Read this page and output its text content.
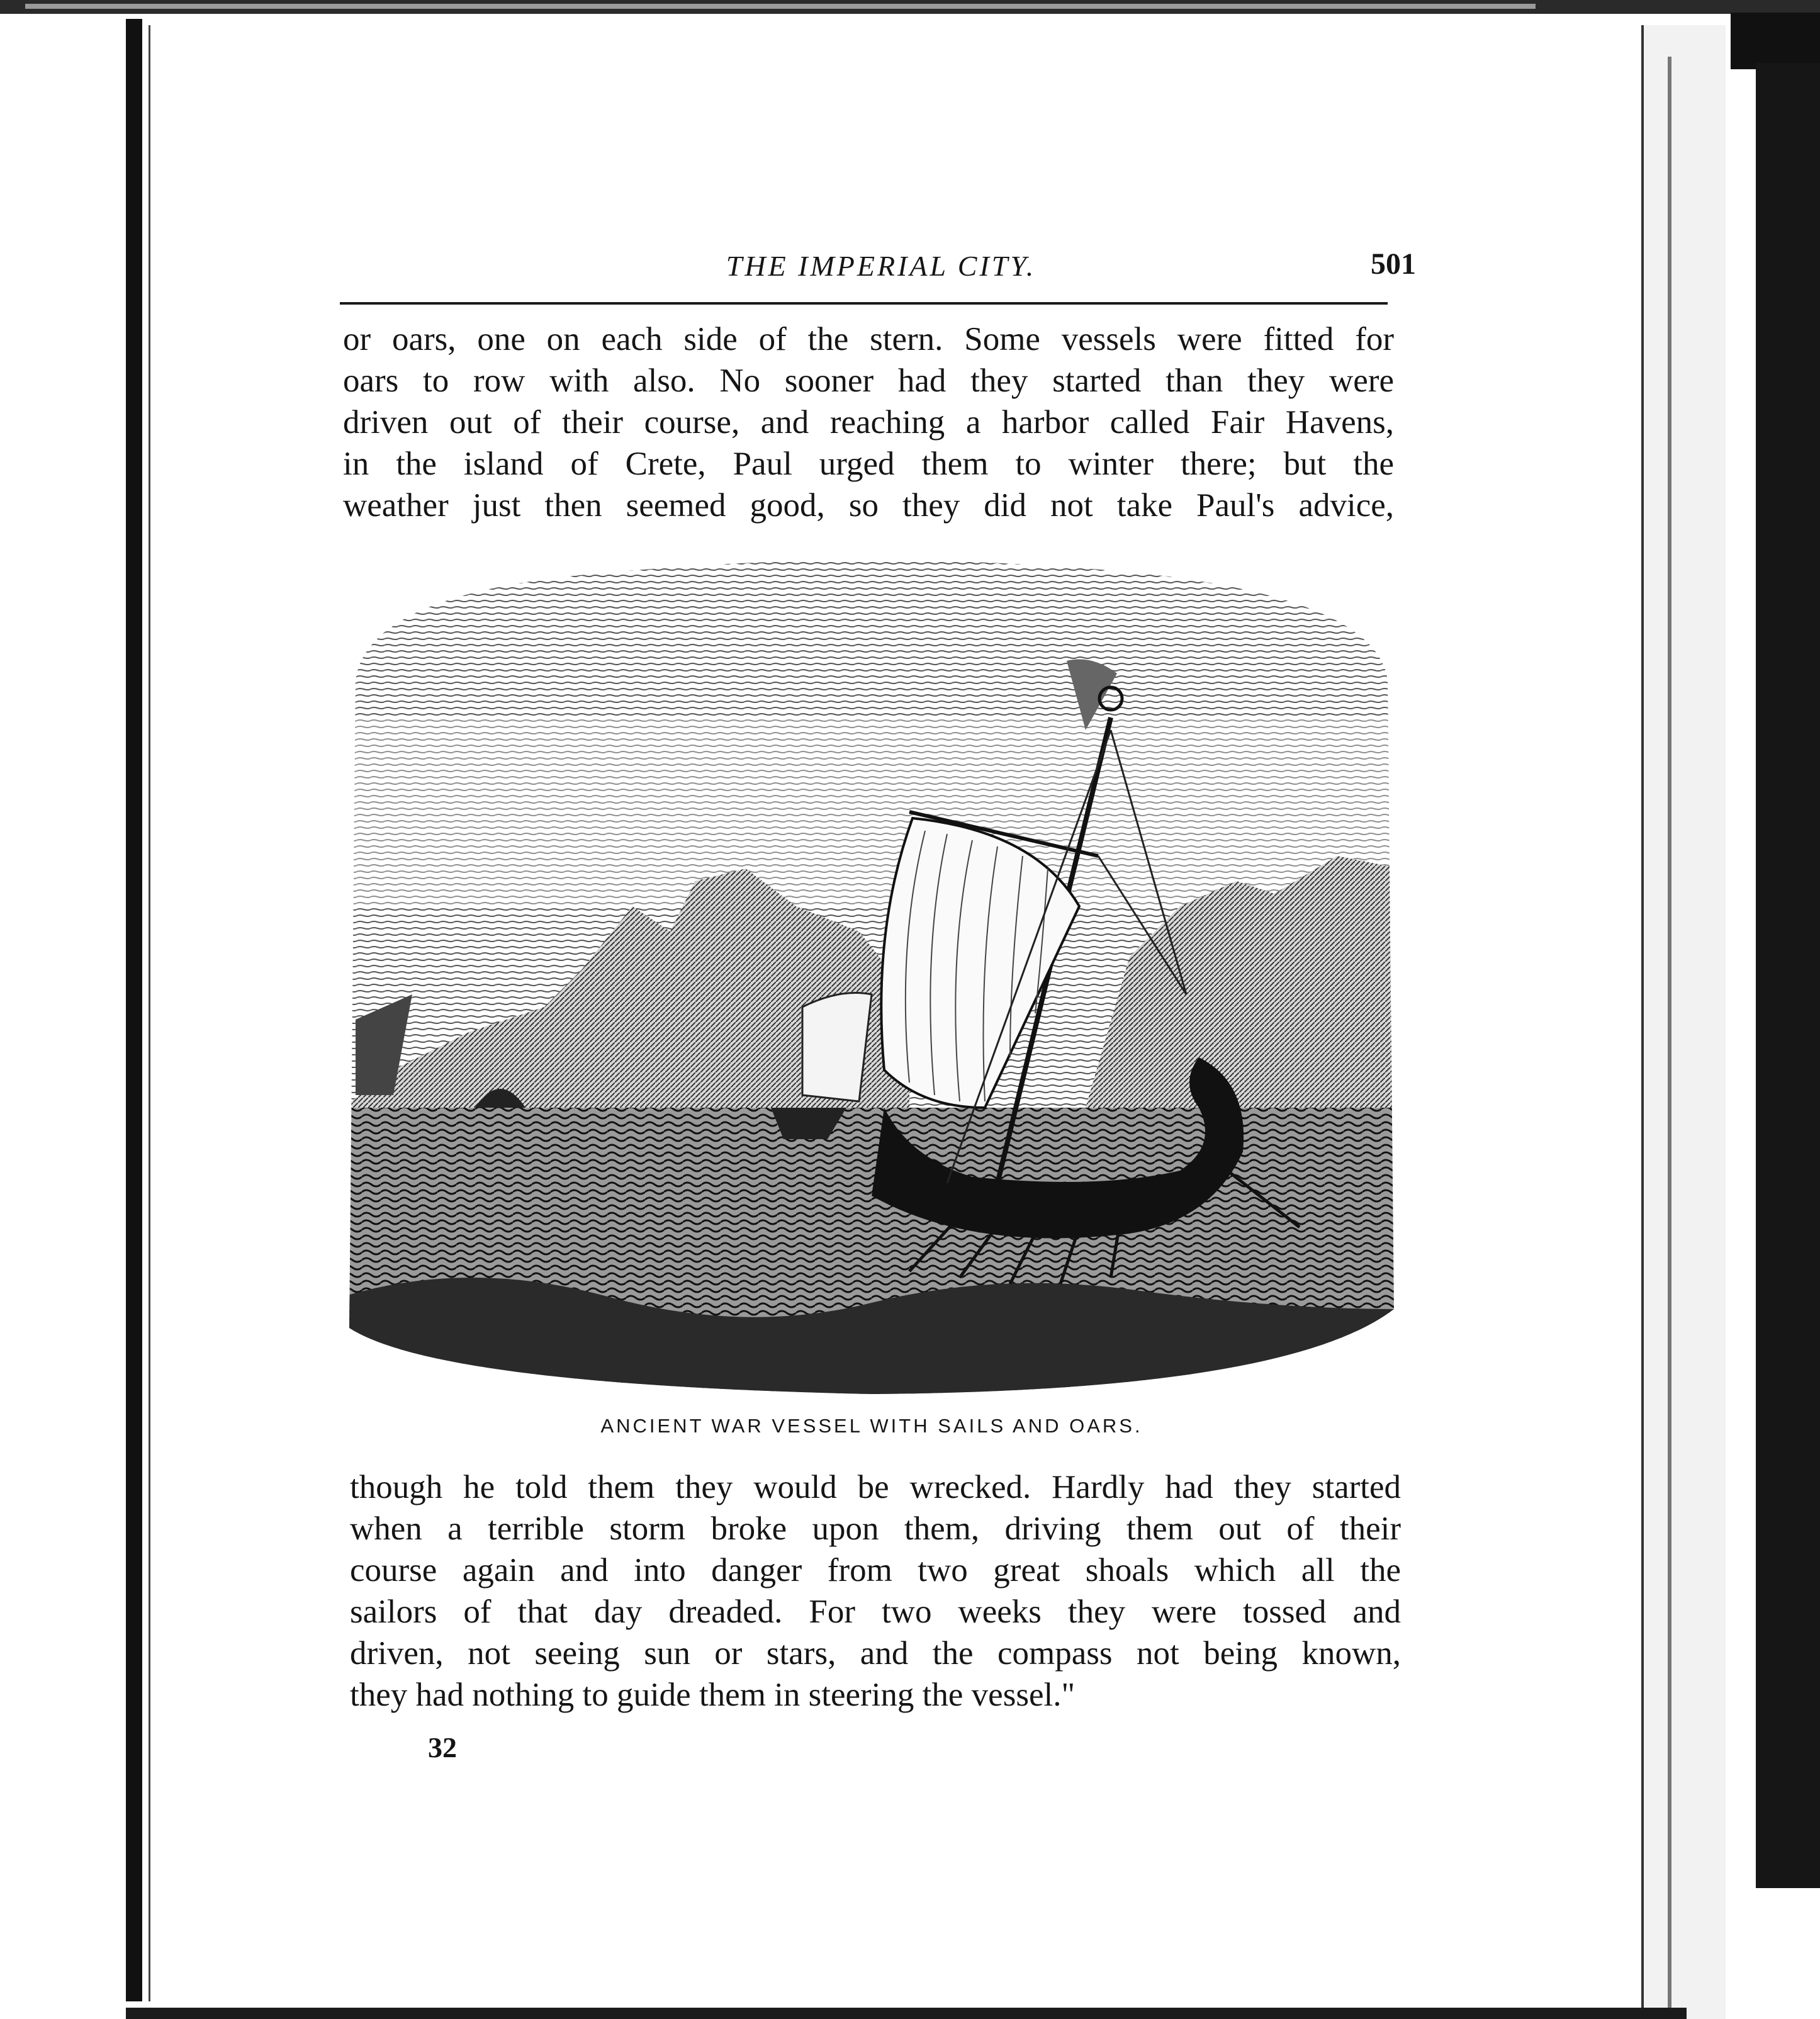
THE IMPERIAL CITY.	501
or oars, one on each side of the stern. Some vessels were fitted for
oars to row with also. No sooner had they started than they were
driven out of their course, and reaching a harbor called Fair Havens,
in the island of Crete, Paul urged them to winter there; but the
weather just then seemed good, so they did not take Paul's advice,
ANCIENT WAR VESSEL WITH SAILS AND OARS.
though he told them they would be wrecked. Hardly had they started
when a terrible storm broke upon them, driving them out of their
course again and into danger from two great shoals which all the
sailors of that day dreaded. For two weeks they were tossed and
driven, not seeing sun or stars, and the compass not being known,
they had nothing to guide them in steering the vessel."
32
